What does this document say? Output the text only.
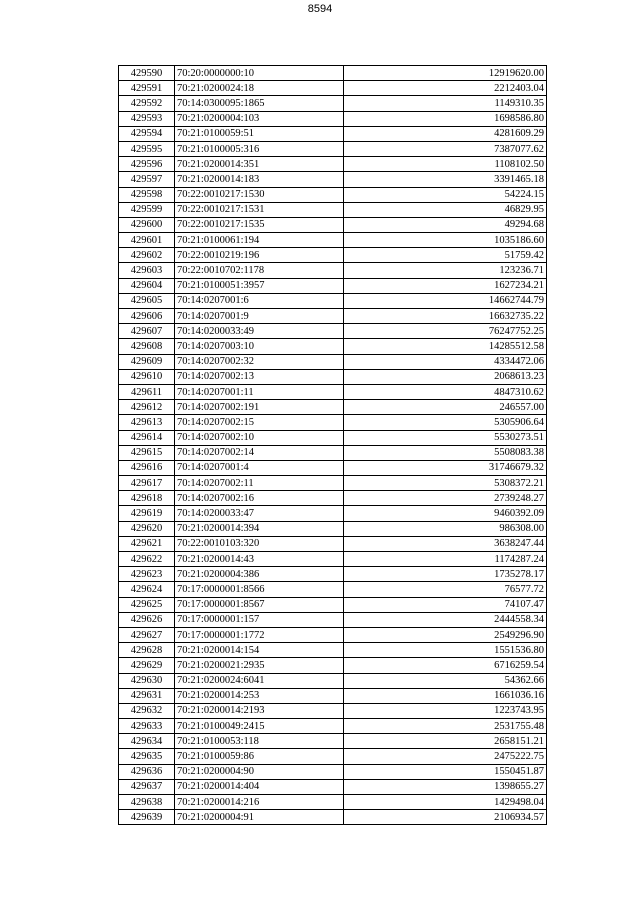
8594
429590	70:20:0000000:10	12919620.00
429591	70:21:0200024:18	2212403.04
429592	70:14:0300095:1865	1149310.35
429593	70:21:0200004:103	1698586.80
429594	70:21:0100059:51	4281609.29
429595	70:21:0100005:316	7387077.62
429596	70:21:0200014:351	1108102.50
429597	70:21:0200014:183	3391465.18
429598	70:22:0010217:1530	54224.15
429599	70:22:0010217:1531	46829.95
429600	70:22:0010217:1535	49294.68
429601	70:21:0100061:194	1035186.60
429602	70:22:0010219:196	51759.42
429603	70:22:0010702:1178	123236.71
429604	70:21:0100051:3957	1627234.21
429605	70:14:0207001:6	14662744.79
429606	70:14:0207001:9	16632735.22
429607	70:14:0200033:49	76247752.25
429608	70:14:0207003:10	14285512.58
429609	70:14:0207002:32	4334472.06
429610	70:14:0207002:13	2068613.23
429611	70:14:0207001:11	4847310.62
429612	70:14:0207002:191	246557.00
429613	70:14:0207002:15	5305906.64
429614	70:14:0207002:10	5530273.51
429615	70:14:0207002:14	5508083.38
429616	70:14:0207001:4	31746679.32
429617	70:14:0207002:11	5308372.21
429618	70:14:0207002:16	2739248.27
429619	70:14:0200033:47	9460392.09
429620	70:21:0200014:394	986308.00
429621	70:22:0010103:320	3638247.44
429622	70:21:0200014:43	1174287.24
429623	70:21:0200004:386	1735278.17
429624	70:17:0000001:8566	76577.72
429625	70:17:0000001:8567	74107.47
429626	70:17:0000001:157	2444558.34
429627	70:17:0000001:1772	2549296.90
429628	70:21:0200014:154	1551536.80
429629	70:21:0200021:2935	6716259.54
429630	70:21:0200024:6041	54362.66
429631	70:21:0200014:253	1661036.16
429632	70:21:0200014:2193	1223743.95
429633	70:21:0100049:2415	2531755.48
429634	70:21:0100053:118	2658151.21
429635	70:21:0100059:86	2475222.75
429636	70:21:0200004:90	1550451.87
429637	70:21:0200014:404	1398655.27
429638	70:21:0200014:216	1429498.04
429639	70:21:0200004:91	2106934.57
